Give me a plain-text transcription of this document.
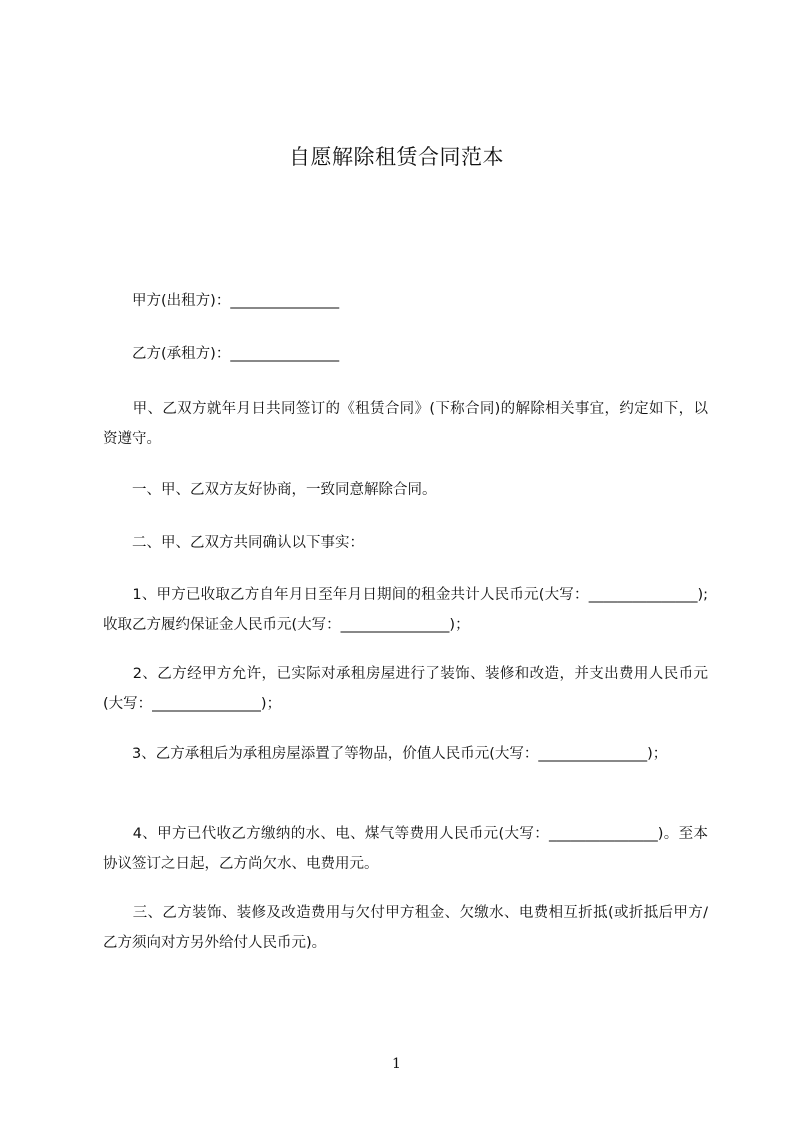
自愿解除租赁合同范本

　　甲方(出租方)：_______________

　　乙方(承租方)：_______________

　　甲、乙双方就年月日共同签订的《租赁合同》(下称合同)的解除相关事宜，约定如下，以资遵守。

　　一、甲、乙双方友好协商，一致同意解除合同。

　　二、甲、乙双方共同确认以下事实：

　　1、甲方已收取乙方自年月日至年月日期间的租金共计人民币元(大写：_______________);收取乙方履约保证金人民币元(大写：_______________)；

　　2、乙方经甲方允许，已实际对承租房屋进行了装饰、装修和改造，并支出费用人民币元(大写：_______________)；

　　3、乙方承租后为承租房屋添置了等物品，价值人民币元(大写：_______________)；

　　4、甲方已代收乙方缴纳的水、电、煤气等费用人民币元(大写：_______________)。至本协议签订之日起，乙方尚欠水、电费用元。

　　三、乙方装饰、装修及改造费用与欠付甲方租金、欠缴水、电费相互折抵(或折抵后甲方/乙方须向对方另外给付人民币元)。

1
